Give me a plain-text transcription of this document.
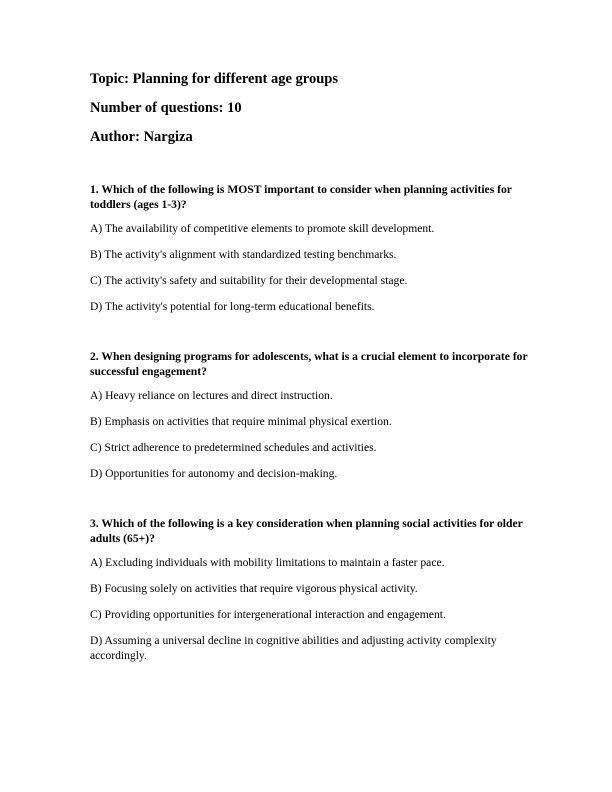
Topic: Planning for different age groups
Number of questions: 10
Author: Nargiza
1. Which of the following is MOST important to consider when planning activities for toddlers (ages 1-3)?
A) The availability of competitive elements to promote skill development.
B) The activity's alignment with standardized testing benchmarks.
C) The activity's safety and suitability for their developmental stage.
D) The activity's potential for long-term educational benefits.
2. When designing programs for adolescents, what is a crucial element to incorporate for successful engagement?
A) Heavy reliance on lectures and direct instruction.
B) Emphasis on activities that require minimal physical exertion.
C) Strict adherence to predetermined schedules and activities.
D) Opportunities for autonomy and decision-making.
3. Which of the following is a key consideration when planning social activities for older adults (65+)?
A) Excluding individuals with mobility limitations to maintain a faster pace.
B) Focusing solely on activities that require vigorous physical activity.
C) Providing opportunities for intergenerational interaction and engagement.
D) Assuming a universal decline in cognitive abilities and adjusting activity complexity accordingly.
